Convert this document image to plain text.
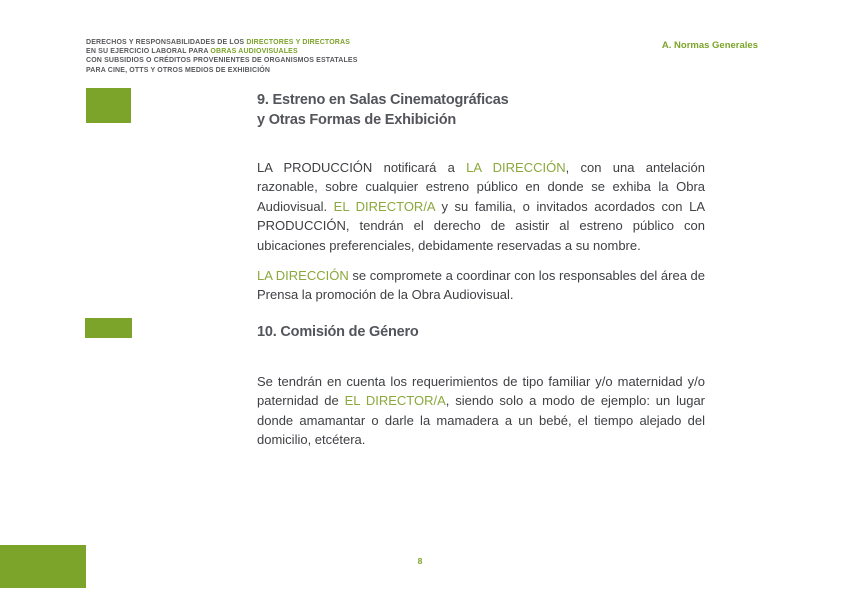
DERECHOS Y RESPONSABILIDADES DE LOS DIRECTORES Y DIRECTORAS
EN SU EJERCICIO LABORAL PARA OBRAS AUDIOVISUALES
CON SUBSIDIOS O CRÉDITOS PROVENIENTES DE ORGANISMOS ESTATALES
PARA CINE, OTTS Y OTROS MEDIOS DE EXHIBICIÓN
A. Normas Generales
9. Estreno en Salas Cinematográficas
y Otras Formas de Exhibición

LA PRODUCCIÓN notificará a LA DIRECCIÓN, con una antelación razonable, sobre cualquier estreno público en donde se exhiba la Obra Audiovisual. EL DIRECTOR/A y su familia, o invitados acordados con LA PRODUCCIÓN, tendrán el derecho de asistir al estreno público con ubicaciones preferenciales, debidamente reservadas a su nombre.

LA DIRECCIÓN se compromete a coordinar con los responsables del área de Prensa la promoción de la Obra Audiovisual.

10. Comisión de Género

Se tendrán en cuenta los requerimientos de tipo familiar y/o maternidad y/o paternidad de EL DIRECTOR/A, siendo solo a modo de ejemplo: un lugar donde amamantar o darle la mamadera a un bebé, el tiempo alejado del domicilio, etcétera.

8
